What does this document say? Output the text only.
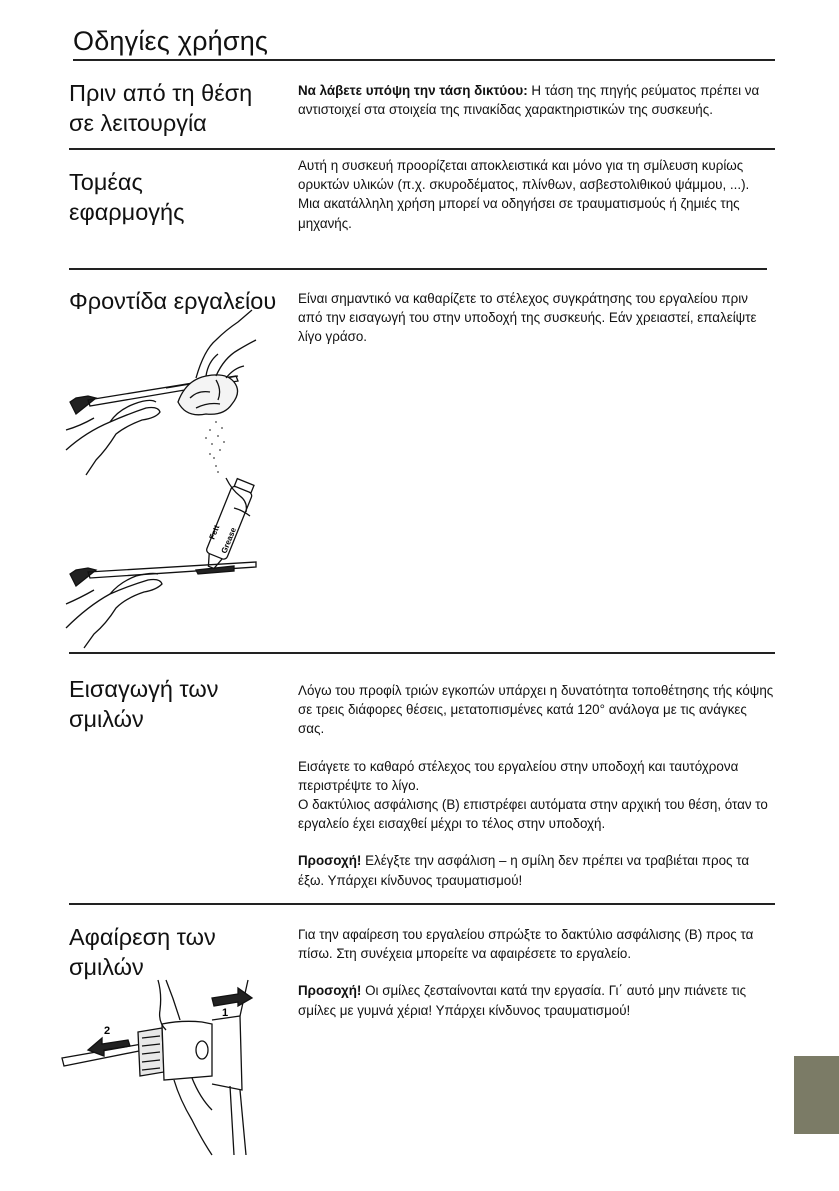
Οδηγίες χρήσης
Πριν από τη θέση
σε λειτουργία
Να λάβετε υπόψη την τάση δικτύου: Η τάση της πηγής ρεύματος πρέπει να αντιστοιχεί στα στοιχεία της πινακίδας χαρακτηριστικών της συσκευής.
Τομέας
εφαρμογής
Αυτή η συσκευή προορίζεται αποκλειστικά και μόνο για τη σμίλευση κυρίως ορυκτών υλικών (π.χ. σκυροδέματος, πλίνθων, ασβεστολιθικού ψάμμου, ...). Μια ακατάλληλη χρήση μπορεί να οδηγήσει σε τραυματισμούς ή ζημιές της μηχανής.
Φροντίδα εργαλείου Είναι σημαντικό να καθαρίζετε το στέλεχος συγκράτησης του εργαλείου πριν από την εισαγωγή του στην υποδοχή της συσκευής. Εάν χρειαστεί, επαλείψτε λίγο γράσο.
Fett
Grease
Εισαγωγή των
σμιλών

Λόγω του προφίλ τριών εγκοπών υπάρχει η δυνατότητα τοποθέτησης τής κόψης σε τρεις διάφορες θέσεις, μετατοπισμένες κατά 120° ανάλογα με τις ανάγκες σας.

Εισάγετε το καθαρό στέλεχος του εργαλείου στην υποδοχή και ταυτόχρονα περιστρέψτε το λίγο.

Ο δακτύλιος ασφάλισης (B) επιστρέφει αυτόματα στην αρχική του θέση, όταν το εργαλείο έχει εισαχθεί μέχρι το τέλος στην υποδοχή.

Προσοχή! Ελέγξτε την ασφάλιση – η σμίλη δεν πρέπει να τραβιέται προς τα έξω. Υπάρχει κίνδυνος τραυματισμού!

Αφαίρεση των
σμιλών

Για την αφαίρεση του εργαλείου σπρώξτε το δακτύλιο ασφάλισης (B) προς τα πίσω. Στη συνέχεια μπορείτε να αφαιρέσετε το εργαλείο.

Προσοχή! Οι σμίλες ζεσταίνονται κατά την εργασία. Γι΄ αυτό μην πιάνετε τις σμίλες με γυμνά χέρια! Υπάρχει κίνδυνος τραυματισμού!

1
2
